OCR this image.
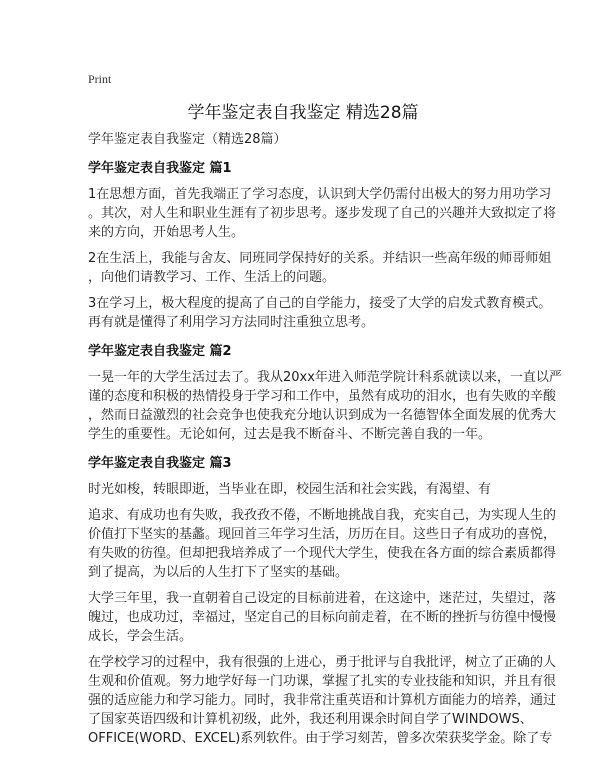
Print
学年鉴定表自我鉴定 精选28篇
学年鉴定表自我鉴定（精选28篇）
学年鉴定表自我鉴定 篇1
1在思想方面，首先我端正了学习态度，认识到大学仍需付出极大的努力用功学习
。其次，对人生和职业生涯有了初步思考。逐步发现了自己的兴趣并大致拟定了将
来的方向，开始思考人生。
2在生活上，我能与舍友、同班同学保持好的关系。并结识一些高年级的师哥师姐
，向他们请教学习、工作、生活上的问题。
3在学习上，极大程度的提高了自己的自学能力，接受了大学的启发式教育模式。
再有就是懂得了利用学习方法同时注重独立思考。
学年鉴定表自我鉴定 篇2
一晃一年的大学生活过去了。我从20xx年进入师范学院计科系就读以来，一直以严
谨的态度和积极的热情投身于学习和工作中，虽然有成功的泪水，也有失败的辛酸
，然而日益激烈的社会竞争也使我充分地认识到成为一名德智体全面发展的优秀大
学生的重要性。无论如何，过去是我不断奋斗、不断完善自我的一年。
学年鉴定表自我鉴定 篇3
时光如梭，转眼即逝，当毕业在即，校园生活和社会实践，有渴望、有
追求、有成功也有失败，我孜孜不倦，不断地挑战自我，充实自己，为实现人生的
价值打下坚实的基蠡。现回首三年学习生活，历历在目。这些日子有成功的喜悦，
有失败的彷徨。但却把我培养成了一个现代大学生，使我在各方面的综合素质都得
到了提高，为以后的人生打下了坚实的基础。
大学三年里，我一直朝着自己设定的目标前进着，在这途中，迷茫过，失望过，落
魄过，也成功过，幸福过，坚定自己的目标向前走着，在不断的挫折与彷徨中慢慢
成长，学会生活。
在学校学习的过程中，我有很强的上进心，勇于批评与自我批评，树立了正确的人
生观和价值观。努力地学好每一门功课，掌握了扎实的专业技能和知识，并且有很
强的适应能力和学习能力。同时，我非常注重英语和计算机方面能力的培养，通过
了国家英语四级和计算机初级，此外，我还利用课余时间自学了WINDOWS、
OFFICE(WORD、EXCEL)系列软件。由于学习刻苦，曾多次荣获奖学金。除了专
